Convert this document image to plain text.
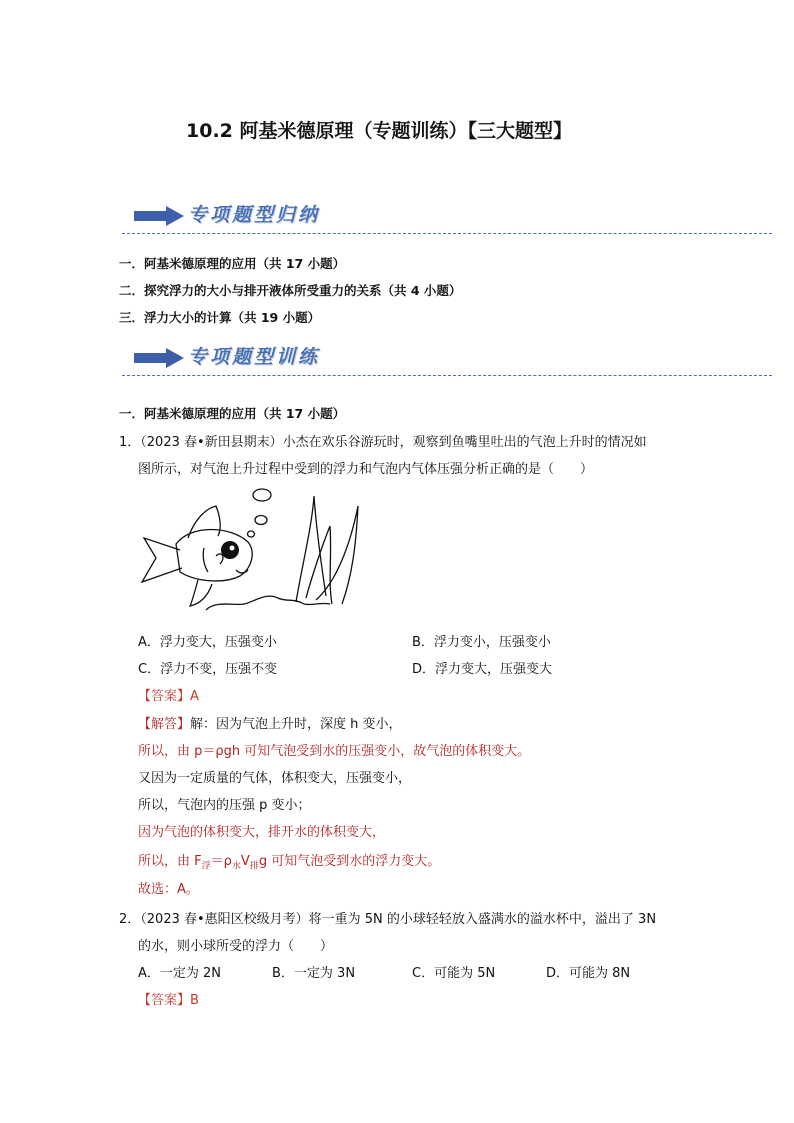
10.2 阿基米德原理（专题训练）【三大题型】
专项题型归纳
一．阿基米德原理的应用（共 17 小题）
二．探究浮力的大小与排开液体所受重力的关系（共 4 小题）
三．浮力大小的计算（共 19 小题）
专项题型训练
一．阿基米德原理的应用（共 17 小题）
1．（2023 春•新田县期末）小杰在欢乐谷游玩时，观察到鱼嘴里吐出的气泡上升时的情况如
图所示，对气泡上升过程中受到的浮力和气泡内气体压强分析正确的是（　　）
A．浮力变大，压强变小	B．浮力变小，压强变小
C．浮力不变，压强不变	D．浮力变大，压强变大
【答案】A
【解答】解：因为气泡上升时，深度 h 变小，
所以，由 p＝ρgh 可知气泡受到水的压强变小，故气泡的体积变大。
又因为一定质量的气体，体积变大，压强变小，
所以，气泡内的压强 p 变小；
因为气泡的体积变大，排开水的体积变大，
所以，由 $F_浮=\rho_水V_排g$ 可知气泡受到水的浮力变大。
故选：A。
2．（2023 春•惠阳区校级月考）将一重为 5N 的小球轻轻放入盛满水的溢水杯中，溢出了 3N
的水，则小球所受的浮力（　　）
A．一定为 2N	B．一定为 3N	C．可能为 5N	D．可能为 8N
【答案】B
